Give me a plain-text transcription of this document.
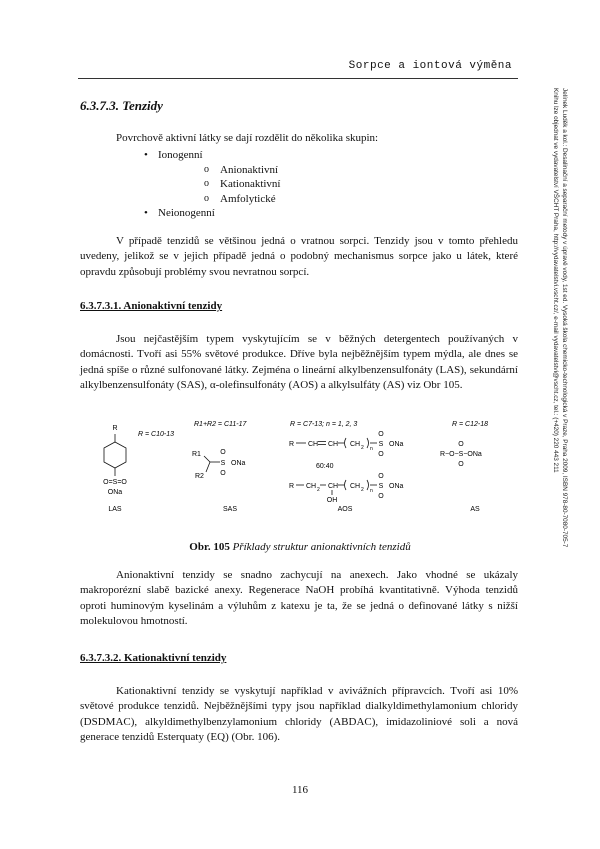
Sorpce a iontová výměna
Jelínek Luděk a kol.: Desalinační a separační metody v úpravě vody, 1st ed. Vysoká škola chemicko-technologická v Praze, Praha 2009, ISBN 978-80-7080-705-7
Knihu lze objednat ve vydavatelství VŠCHT Praha, http://vydavatelstvi.vscht.cz/, e-mail vydavatelstvi@vscht.cz, tel.: (+420) 220 443 211
6.3.7.3. Tenzidy

Povrchově aktivní látky se dají rozdělit do několika skupin:

• Ionogenní
o Anionaktivní
o Kationaktivní
o Amfolytické
• Neionogenní

V případě tenzidů se většinou jedná o vratnou sorpci. Tenzidy jsou v tomto přehledu uvedeny, jelikož se v jejich případě jedná o podobný mechanismus sorpce jako u látek, které opravdu způsobují problémy svou nevratnou sorpcí.

6.3.7.3.1. Anionaktivní tenzidy

Jsou nejčastějším typem vyskytujícím se v běžných detergentech používaných v domácnosti. Tvoří asi 55% světové produkce. Dříve byla nejběžnějším typem mýdla, ale dnes se jedná spíše o různé sulfonované látky. Zejména o lineární alkylbenzensulfonáty (LAS), sekundární alkylbenzensulfonáty (SAS), α-olefinsulfonáty (AOS) a alkylsulfáty (AS) viz Obr 105.

R
R = C10-13
O=S=O
ONa
LAS
R1+R2 = C11-17
R1
R2
O
S
O
ONa
SAS
R = C7-13; n = 1, 2, 3
R CH CH CH 2 n
O
S
O
ONa
60:40
R CH 2 CH CH 2 n
O
S
O
ONa
OH
AOS
R = C12-18
O
R−O−S−ONa
O
AS
Obr. 105 Příklady struktur anionaktivních tenzidů

Anionaktivní tenzidy se snadno zachycují na anexech. Jako vhodné se ukázaly makroporézní slabě bazické anexy. Regenerace NaOH probíhá kvantitativně. Výhoda tenzidů oproti huminovým kyselinám a výluhům z katexu je ta, že se jedná o definované látky s nižší molekulovou hmotností.

6.3.7.3.2. Kationaktivní tenzidy

Kationaktivní tenzidy se vyskytují například v avivážních přípravcích. Tvoří asi 10% světové produkce tenzidů. Nejběžnějšími typy jsou například dialkyldimethylamonium chloridy (DSDMAC), alkyldimethylbenzylamonium chloridy (ABDAC), imidazoliniové soli a nová generace tenzidů Esterquaty (EQ) (Obr. 106).

116
